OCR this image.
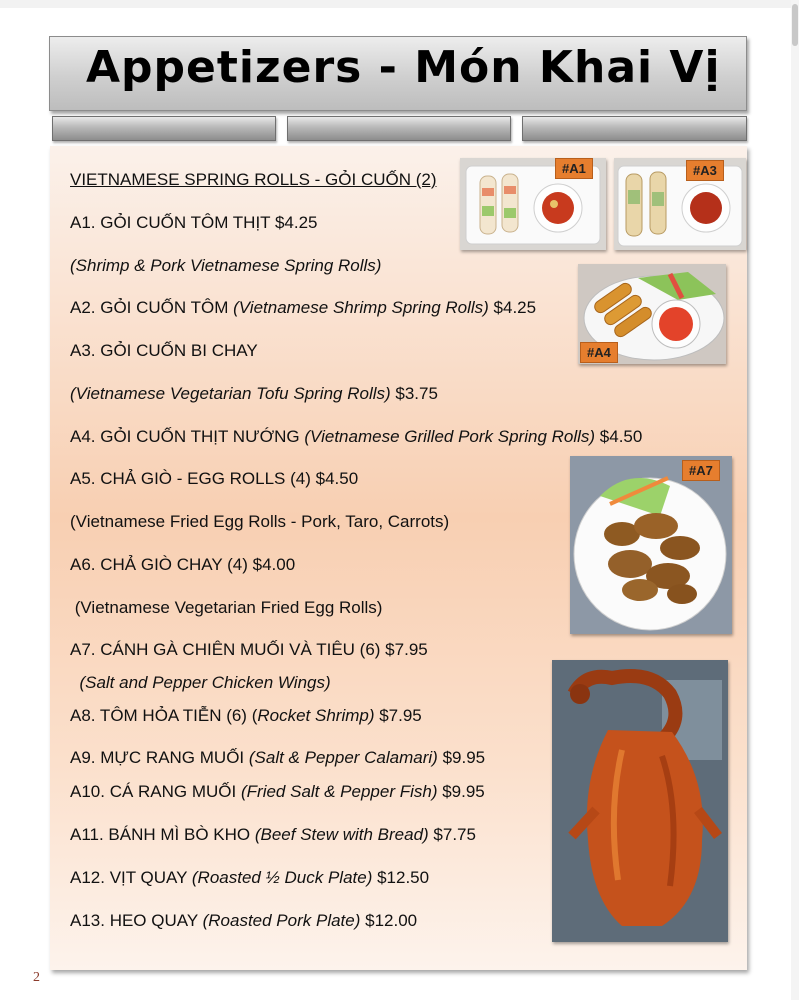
Appetizers - Món Khai Vị
VIETNAMESE SPRING ROLLS - GỎI CUỐN (2)
A1. GỎI CUỐN TÔM THỊT $4.25
(Shrimp & Pork Vietnamese Spring Rolls)
A2. GỎI CUỐN TÔM (Vietnamese Shrimp Spring Rolls) $4.25
A3. GỎI CUỐN BI CHAY
(Vietnamese Vegetarian Tofu Spring Rolls) $3.75
A4. GỎI CUỐN THỊT NƯỚNG (Vietnamese Grilled Pork Spring Rolls) $4.50
A5. CHẢ GIÒ - EGG ROLLS (4) $4.50
(Vietnamese Fried Egg Rolls - Pork, Taro, Carrots)
A6. CHẢ GIÒ CHAY (4) $4.00
(Vietnamese Vegetarian Fried Egg Rolls)
A7. CÁNH GÀ CHIÊN MUỐI VÀ TIÊU (6) $7.95
(Salt and Pepper Chicken Wings)
A8. TÔM HỎA TIỄN (6) (Rocket Shrimp) $7.95
A9. MỰC RANG MUỐI (Salt & Pepper Calamari) $9.95
A10. CÁ RANG MUỐI (Fried Salt & Pepper Fish) $9.95
A11. BÁNH MÌ BÒ KHO (Beef Stew with Bread) $7.75
A12. VỊT QUAY (Roasted ½ Duck Plate) $12.50
A13. HEO QUAY (Roasted Pork Plate) $12.00
#A1	#A3
#A4
#A7
2
